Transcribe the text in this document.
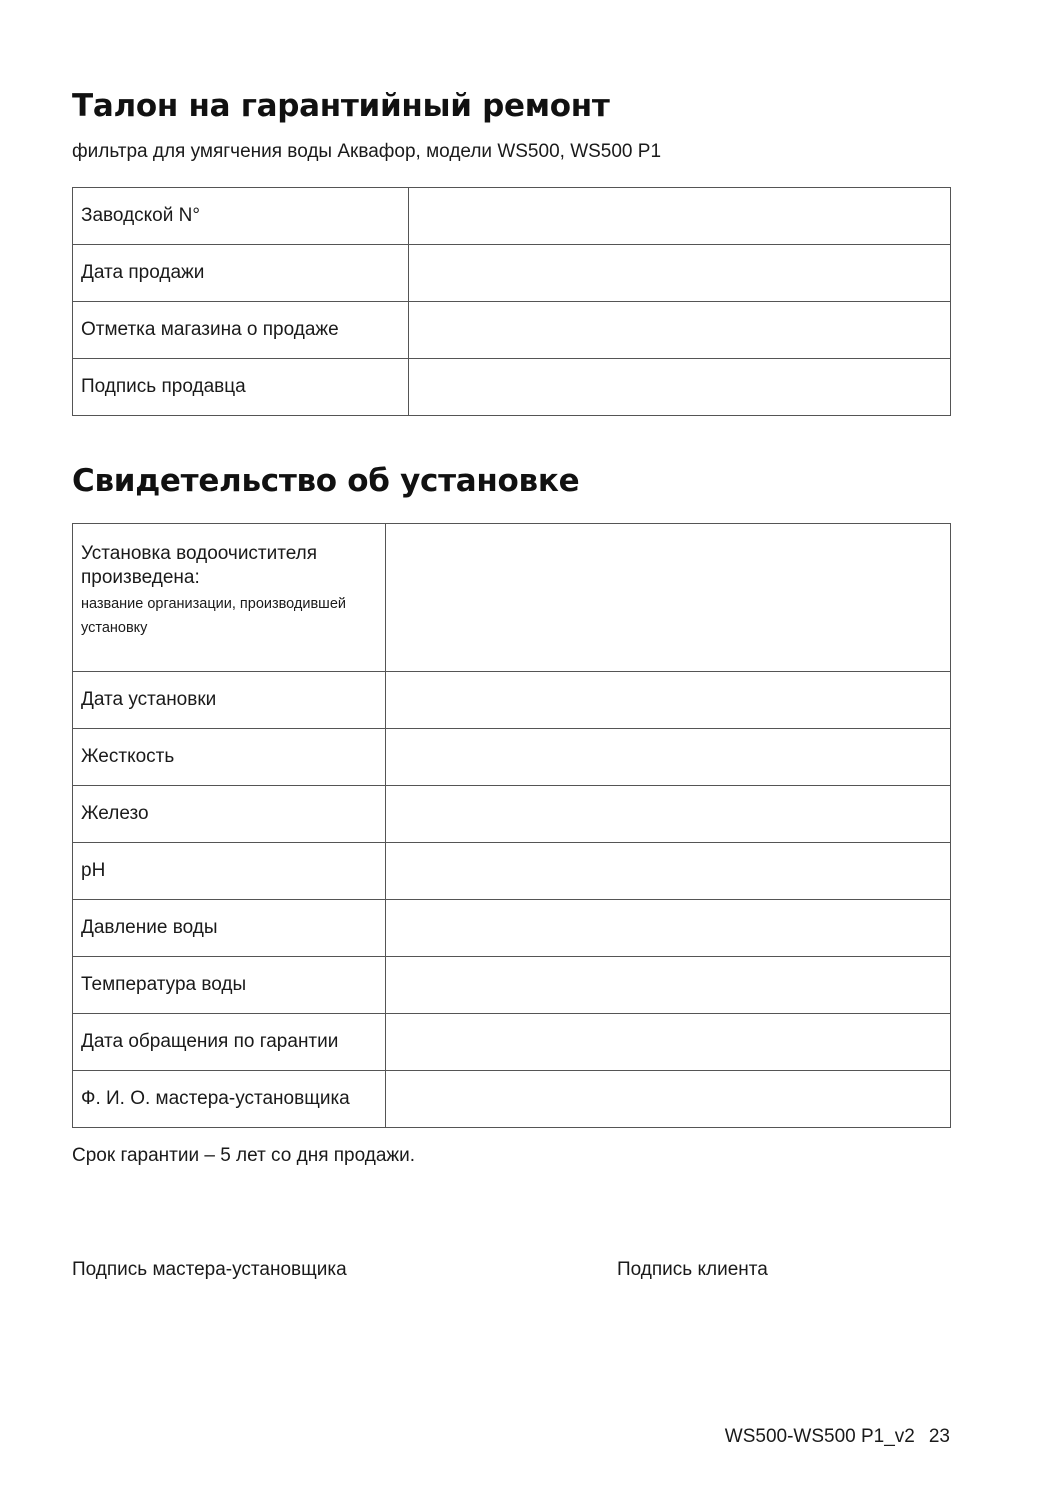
Талон на гарантийный ремонт
фильтра для умягчения воды Аквафор, модели WS500, WS500 P1
Заводской N°	
Дата продажи	
Отметка магазина о продаже	
Подпись продавца	
Свидетельство об установке
Установка водоочистителя
произведена:
название организации, производившей установку	

Дата установки	
Жесткость	
Железо	
pH	
Давление воды	
Температура воды	
Дата обращения по гарантии	
Ф. И. О. мастера-установщика	
Срок гарантии – 5 лет со дня продажи.
Подпись мастера-установщика	Подпись клиента
WS500-WS500 P1_v2 23
